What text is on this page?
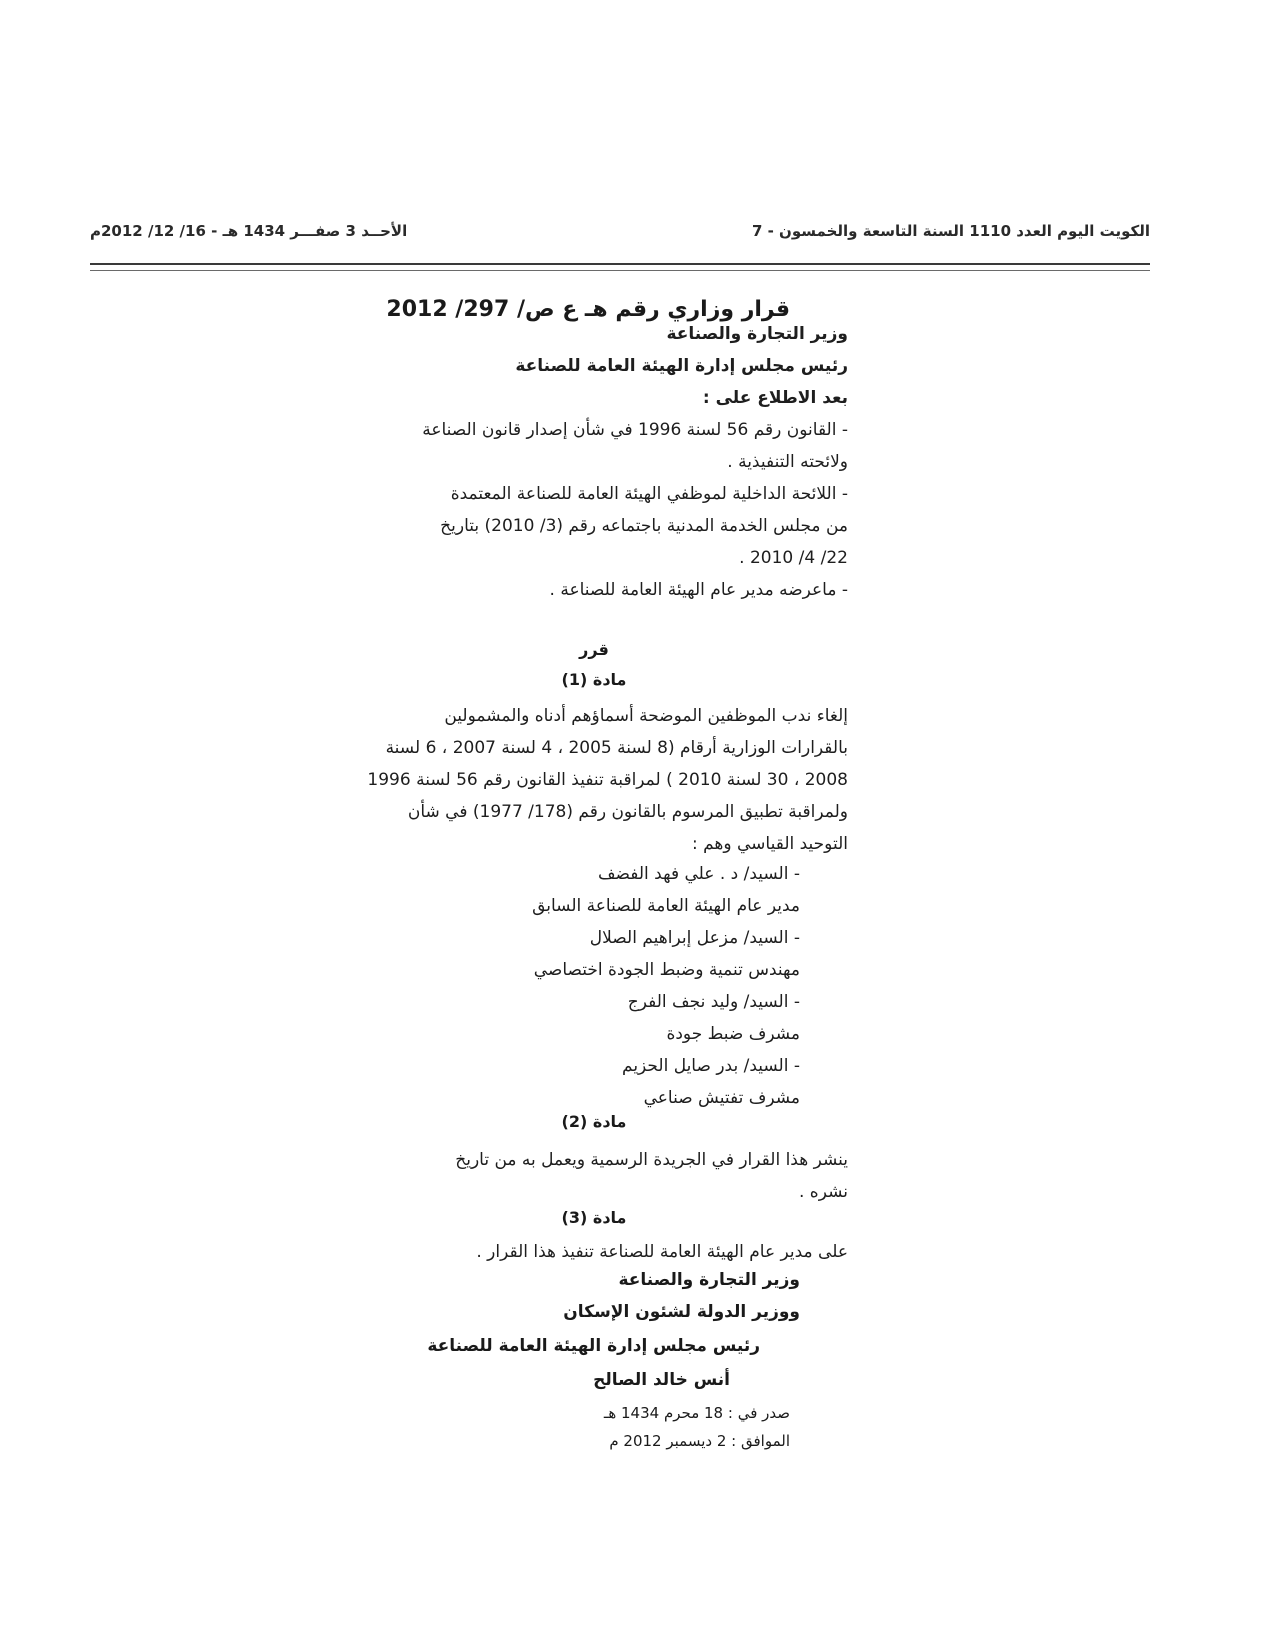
الكويت اليوم العدد 1110 السنة التاسعة والخمسون - 7
الأحــد 3 صفـــر 1434 هـ - 16/ 12/ 2012م
قرار وزاري رقم هـ ع ص/ 297/ 2012
وزير التجارة والصناعة
رئيس مجلس إدارة الهيئة العامة للصناعة
بعد الاطلاع على :
- القانون رقم 56 لسنة 1996 في شأن إصدار قانون الصناعة
ولائحته التنفيذية .
- اللائحة الداخلية لموظفي الهيئة العامة للصناعة المعتمدة
من مجلس الخدمة المدنية باجتماعه رقم (3/ 2010) بتاريخ
22/ 4/ 2010 .
- ماعرضه مدير عام الهيئة العامة للصناعة .
قرر
مادة (1)
إلغاء ندب الموظفين الموضحة أسماؤهم أدناه والمشمولين
بالقرارات الوزارية أرقام (8 لسنة 2005 ، 4 لسنة 2007 ، 6 لسنة
2008 ، 30 لسنة 2010 ) لمراقبة تنفيذ القانون رقم 56 لسنة 1996
ولمراقبة تطبيق المرسوم بالقانون رقم (178/ 1977) في شأن
التوحيد القياسي وهم :
- السيد/ د . علي فهد الفضف
مدير عام الهيئة العامة للصناعة السابق
- السيد/ مزعل إبراهيم الصلال
مهندس تنمية وضبط الجودة اختصاصي
- السيد/ وليد نجف الفرج
مشرف ضبط جودة
- السيد/ بدر صايل الحزيم
مشرف تفتيش صناعي
مادة (2)
ينشر هذا القرار في الجريدة الرسمية ويعمل به من تاريخ
نشره .
مادة (3)
على مدير عام الهيئة العامة للصناعة تنفيذ هذا القرار .
وزير التجارة والصناعة
ووزير الدولة لشئون الإسكان
رئيس مجلس إدارة الهيئة العامة للصناعة
أنس خالد الصالح
صدر في : 18 محرم 1434 هـ
الموافق : 2 ديسمبر 2012 م
